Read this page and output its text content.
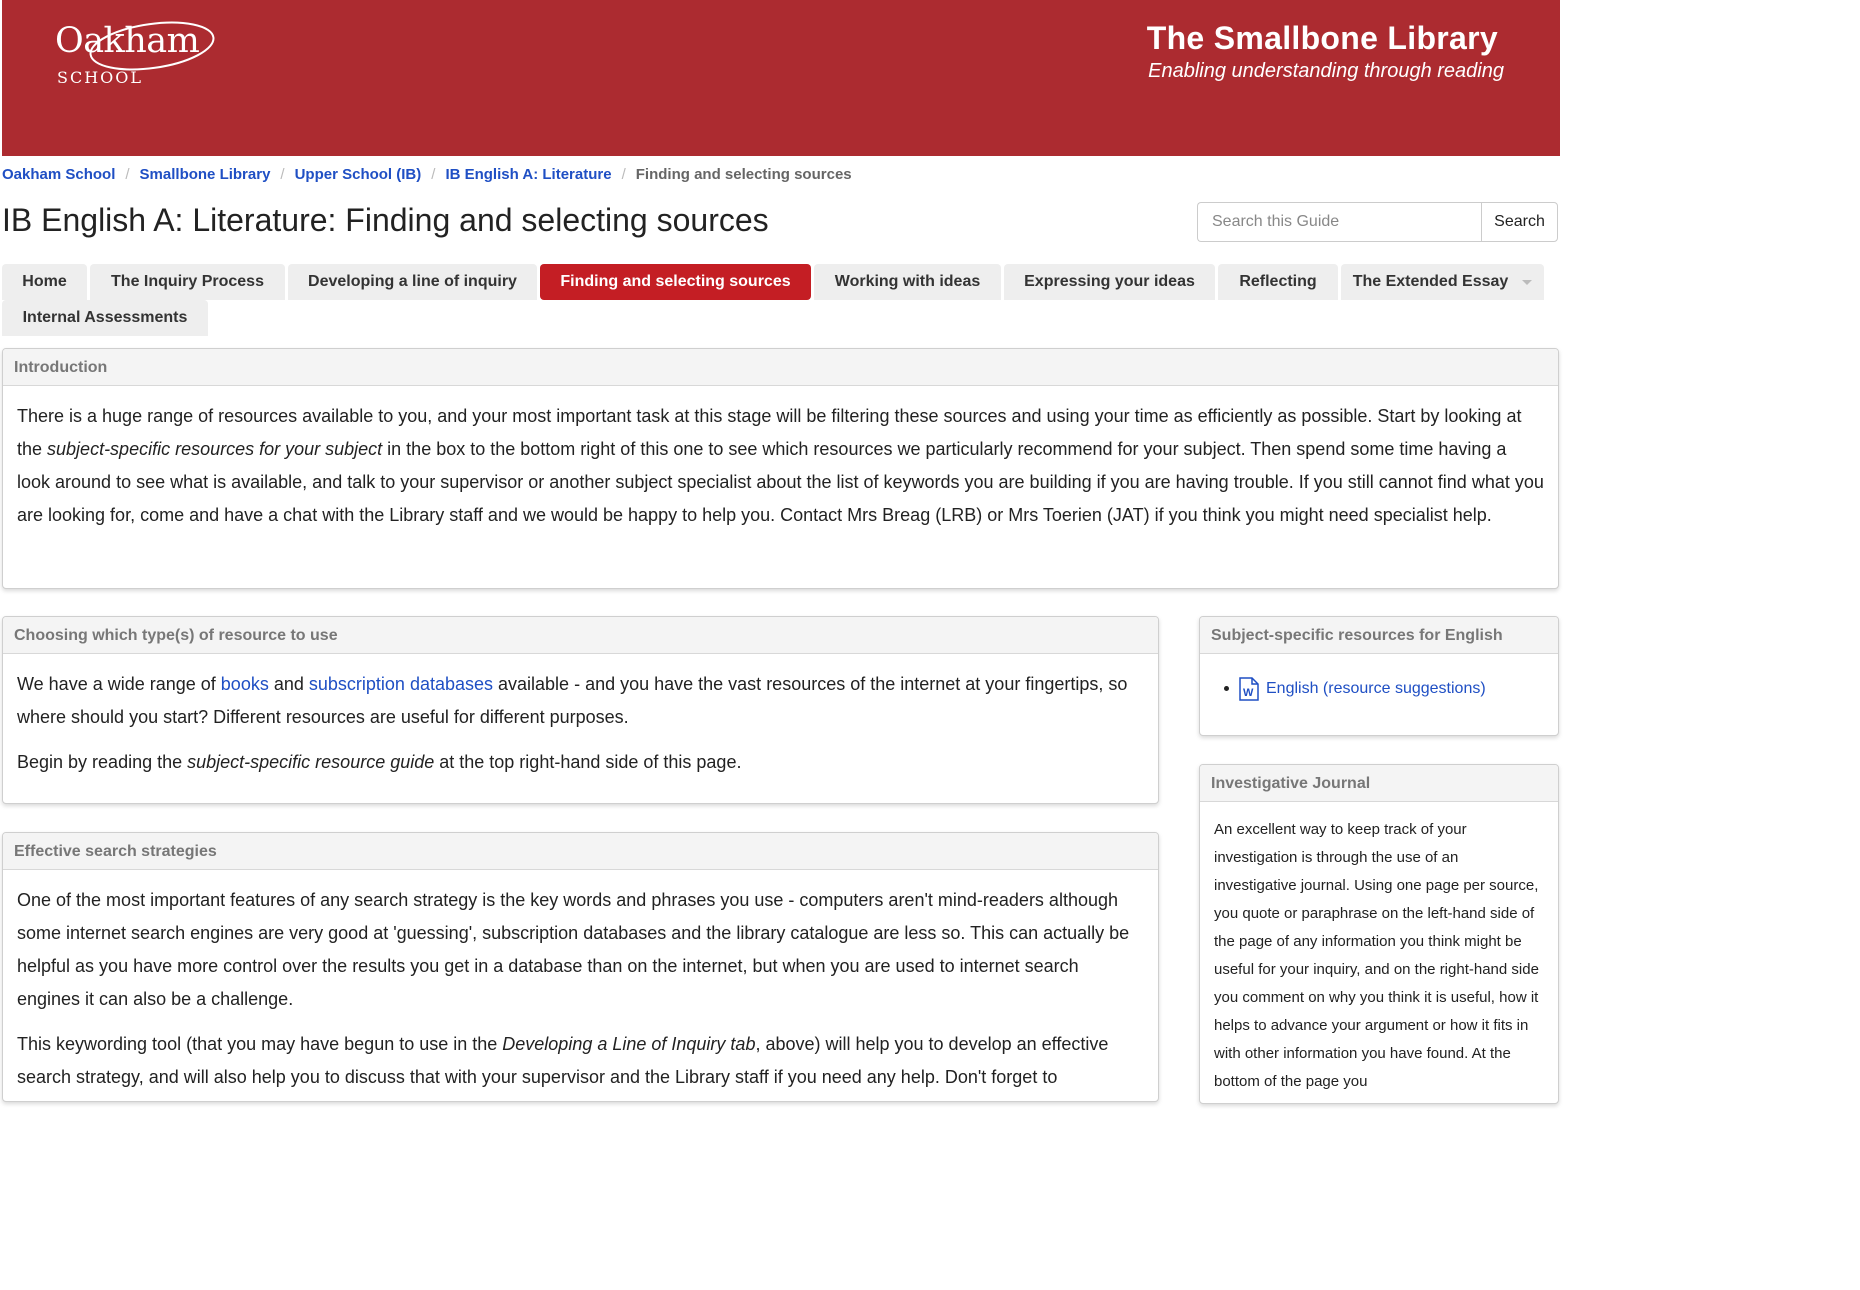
Oakham
SCHOOL
The Smallbone Library
Enabling understanding through reading
Oakham School / Smallbone Library / Upper School (IB) / IB English A: Literature / Finding and selecting sources
IB English A: Literature: Finding and selecting sources
Search this Guide	Search
Home	The Inquiry Process	Developing a line of inquiry	Finding and selecting sources	Working with ideas	Expressing your ideas	Reflecting The Extended Essay
Internal Assessments
Introduction

There is a huge range of resources available to you, and your most important task at this stage will be filtering these sources and using your time as efficiently as possible. Start by looking at the subject-specific resources for your subject in the box to the bottom right of this one to see which resources we particularly recommend for your subject. Then spend some time having a look around to see what is available, and talk to your supervisor or another subject specialist about the list of keywords you are building if you are having trouble. If you still cannot find what you are looking for, come and have a chat with the Library staff and we would be happy to help you. Contact Mrs Breag (LRB) or Mrs Toerien (JAT) if you think you might need specialist help.

Choosing which type(s) of resource to use

We have a wide range of books and subscription databases available - and you have the vast resources of the internet at your fingertips, so where should you start? Different resources are useful for different purposes.

Begin by reading the subject-specific resource guide at the top right-hand side of this page.

Effective search strategies

One of the most important features of any search strategy is the key words and phrases you use - computers aren't mind-readers although some internet search engines are very good at 'guessing', subscription databases and the library catalogue are less so. This can actually be helpful as you have more control over the results you get in a database than on the internet, but when you are used to internet search engines it can also be a challenge.

This keywording tool (that you may have begun to use in the Developing a Line of Inquiry tab, above) will help you to develop an effective search strategy, and will also help you to discuss that with your supervisor and the Library staff if you need any help. Don't forget to

Subject-specific resources for English
W English (resource suggestions)
Investigative Journal
An excellent way to keep track of your investigation is through the use of an investigative journal. Using one page per source, you quote or paraphrase on the left-hand side of the page of any information you think might be useful for your inquiry, and on the right-hand side you comment on why you think it is useful, how it helps to advance your argument or how it fits in with other information you have found. At the bottom of the page you
